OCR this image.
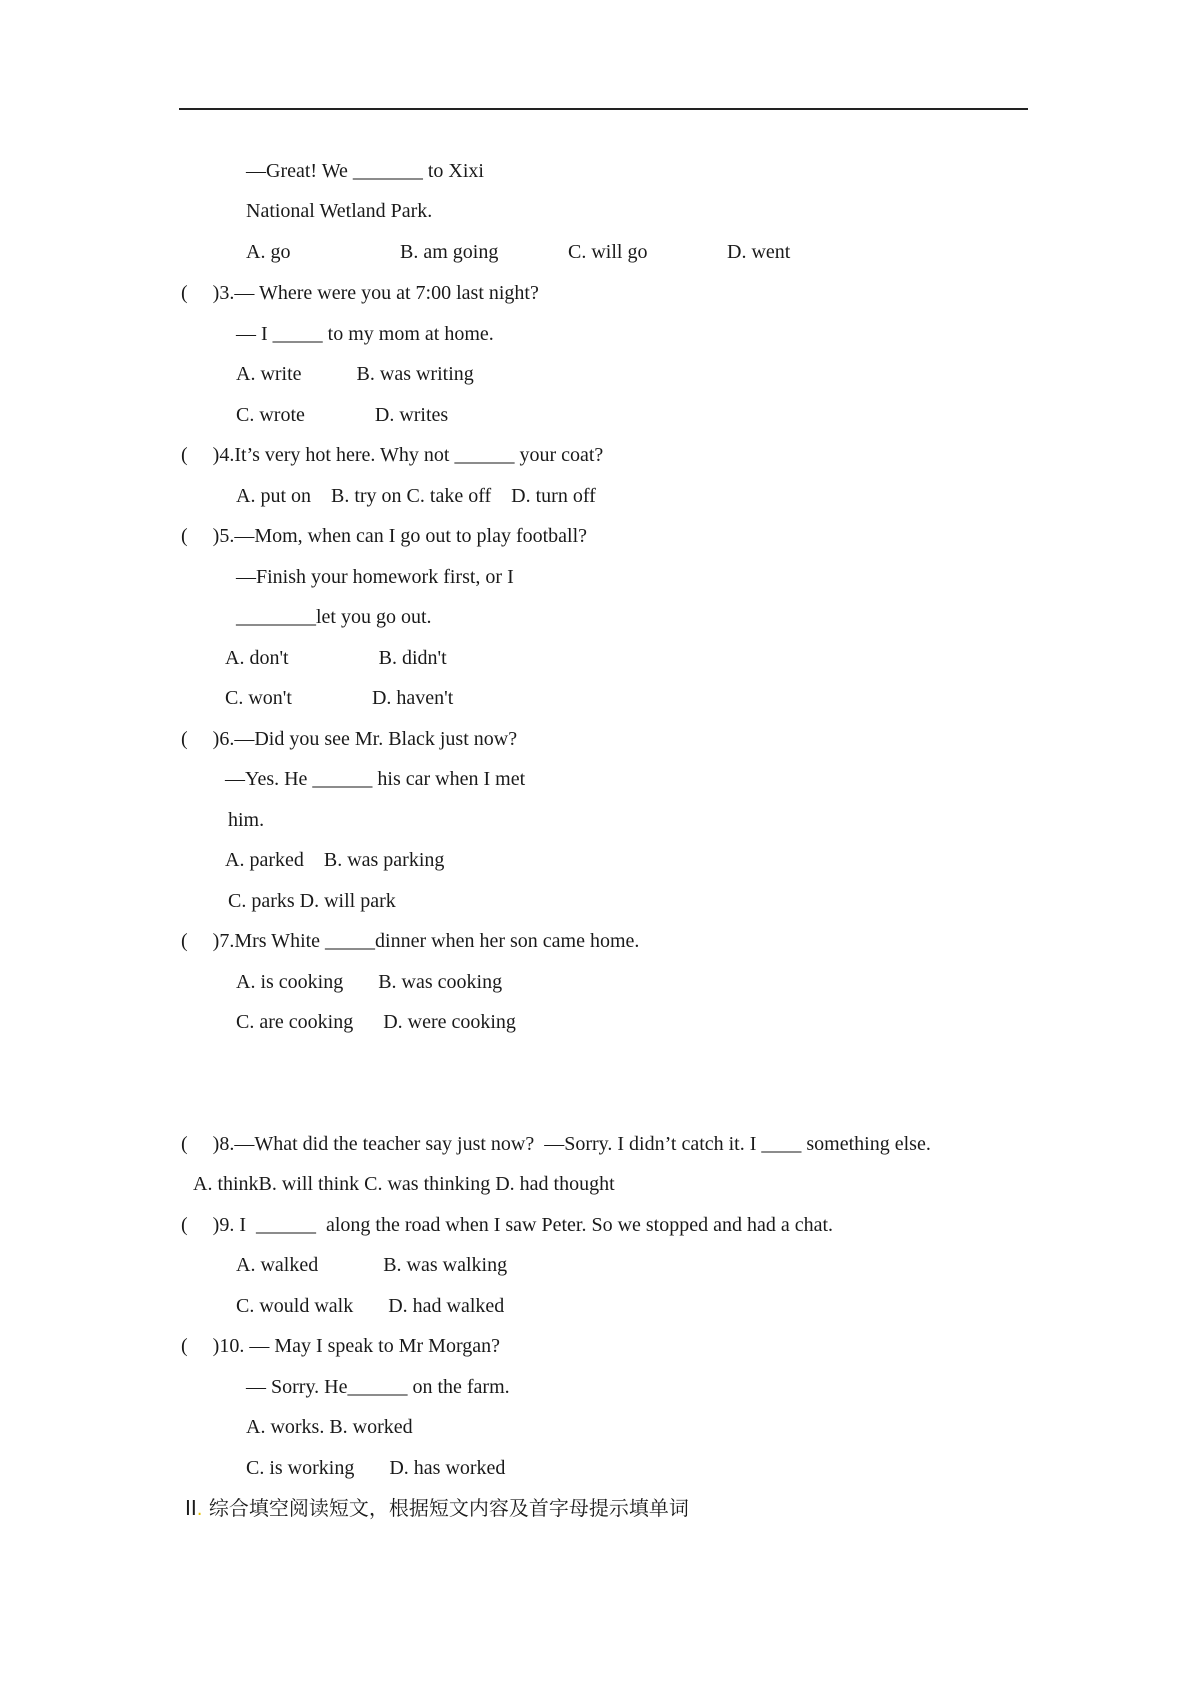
—Great! We _______ to Xixi
National Wetland Park.
A. go	B. am going	C. will go	D. went
(     )3.— Where were you at 7:00 last night?
— I _____ to my mom at home.
A. write           B. was writing
C. wrote              D. writes
(     )4.It’s very hot here. Why not ______ your coat?
A. put on    B. try on C. take off    D. turn off
(     )5.—Mom, when can I go out to play football?
—Finish your homework first, or I
________let you go out.
A. don't                  B. didn't
C. won't                D. haven't
(     )6.—Did you see Mr. Black just now?
—Yes. He ______ his car when I met
him.
A. parked    B. was parking
C. parks D. will park
(     )7.Mrs White _____dinner when her son came home.
A. is cooking       B. was cooking
C. are cooking      D. were cooking
(     )8.—What did the teacher say just now?  —Sorry. I didn’t catch it. I ____ something else.
A. thinkB. will think C. was thinking D. had thought
(     )9. I  ______  along the road when I saw Peter. So we stopped and had a chat.
A. walked             B. was walking
C. would walk       D. had walked
(     )10. — May I speak to Mr Morgan?
— Sorry. He______ on the farm.
A. works. B. worked
C. is working       D. has worked
II. 综合填空阅读短文，根据短文内容及首字母提示填单词
